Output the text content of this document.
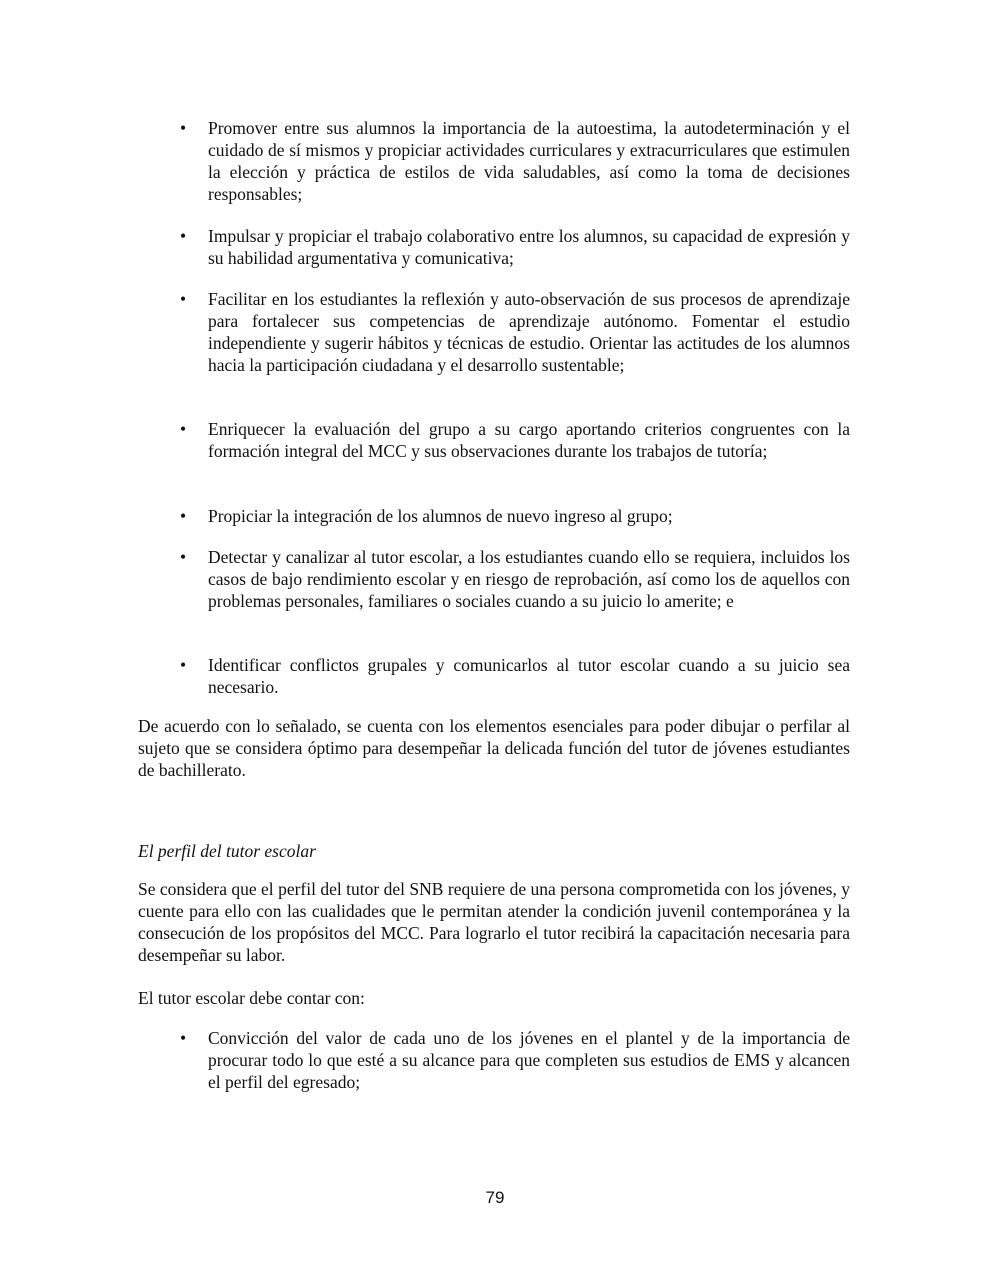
• Promover entre sus alumnos la importancia de la autoestima, la autodeterminación y el cuidado de sí mismos y propiciar actividades curriculares y extracurriculares que estimulen la elección y práctica de estilos de vida saludables, así como la toma de decisiones responsables;

• Impulsar y propiciar el trabajo colaborativo entre los alumnos, su capacidad de expresión y su habilidad argumentativa y comunicativa;

• Facilitar en los estudiantes la reflexión y auto-observación de sus procesos de aprendizaje para fortalecer sus competencias de aprendizaje autónomo. Fomentar el estudio independiente y sugerir hábitos y técnicas de estudio. Orientar las actitudes de los alumnos hacia la participación ciudadana y el desarrollo sustentable;

• Enriquecer la evaluación del grupo a su cargo aportando criterios congruentes con la formación integral del MCC y sus observaciones durante los trabajos de tutoría;

• Propiciar la integración de los alumnos de nuevo ingreso al grupo;

• Detectar y canalizar al tutor escolar, a los estudiantes cuando ello se requiera, incluidos los casos de bajo rendimiento escolar y en riesgo de reprobación, así como los de aquellos con problemas personales, familiares o sociales cuando a su juicio lo amerite; e

• Identificar conflictos grupales y comunicarlos al tutor escolar cuando a su juicio sea necesario.

De acuerdo con lo señalado, se cuenta con los elementos esenciales para poder dibujar o perfilar al sujeto que se considera óptimo para desempeñar la delicada función del tutor de jóvenes estudiantes de bachillerato.

El perfil del tutor escolar

Se considera que el perfil del tutor del SNB requiere de una persona comprometida con los jóvenes, y cuente para ello con las cualidades que le permitan atender la condición juvenil contemporánea y la consecución de los propósitos del MCC. Para lograrlo el tutor recibirá la capacitación necesaria para desempeñar su labor.

El tutor escolar debe contar con:

• Convicción del valor de cada uno de los jóvenes en el plantel y de la importancia de procurar todo lo que esté a su alcance para que completen sus estudios de EMS y alcancen el perfil del egresado;

79
